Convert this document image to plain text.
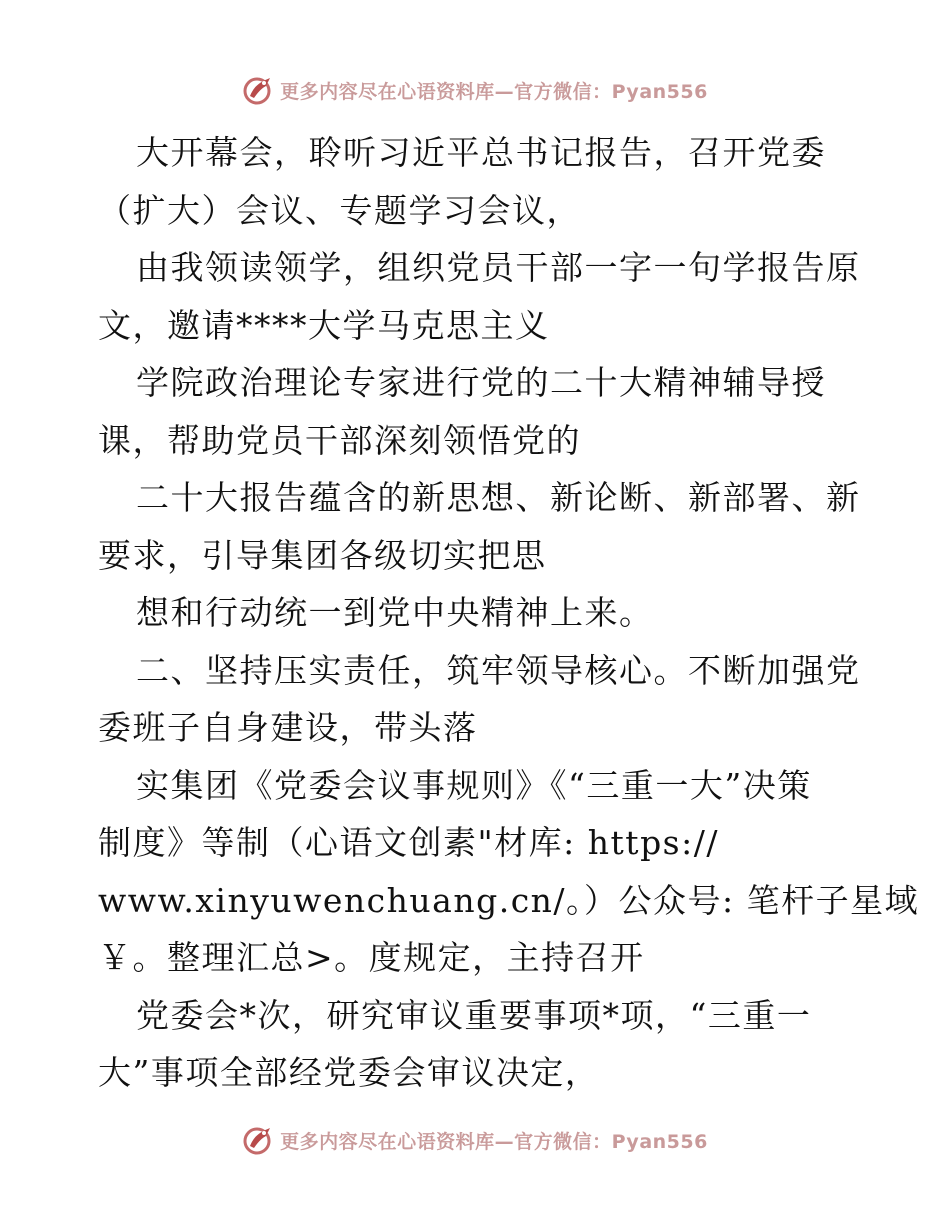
更多内容尽在心语资料库—官方微信：Pyan556
大开幕会，聆听习近平总书记报告，召开党委
（扩大）会议、专题学习会议，
由我领读领学，组织党员干部一字一句学报告原
文，邀请****大学马克思主义
学院政治理论专家进行党的二十大精神辅导授
课，帮助党员干部深刻领悟党的
二十大报告蕴含的新思想、新论断、新部署、新
要求，引导集团各级切实把思
想和行动统一到党中央精神上来。
二、坚持压实责任，筑牢领导核心。不断加强党
委班子自身建设，带头落
实集团《党委会议事规则》《“三重一大”决策
制度》等制（心语文创素"材库: https://
www.xinyuwenchuang.cn/。）公众号: 笔杆子星域
￥。整理汇总>。度规定，主持召开
党委会*次，研究审议重要事项*项，“三重一
大”事项全部经党委会审议决定，
更多内容尽在心语资料库—官方微信：Pyan556
